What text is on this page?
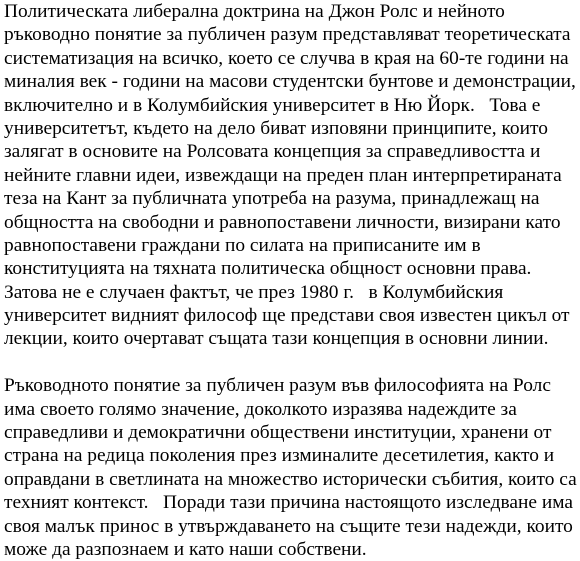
Политическата либерална доктрина на Джон Ролс и нейното
ръководно понятие за публичен разум представляват теоретическата
систематизация на всичко, което се случва в края на 60-те години на
миналия век - години на масови студентски бунтове и демонстрации,
включително и в Колумбийския университет в Ню Йорк.   Това е
университетът, където на дело биват изповяни принципите, които
залягат в основите на Ролсовата концепция за справедливостта и
нейните главни идеи, извеждащи на преден план интерпретираната
теза на Кант за публичната употреба на разума, принадлежащ на
общността на свободни и равнопоставени личности, визирани като
равнопоставени граждани по силата на приписаните им в
конституцията на тяхната политическа общност основни права.
Затова не е случаен фактът, че през 1980 г.   в Колумбийския
университет видният философ ще представи своя известен цикъл от
лекции, които очертават същата тази концепция в основни линии.

Ръководното понятие за публичен разум във философията на Ролс
има своето голямо значение, доколкото изразява надеждите за
справедливи и демократични обществени институции, хранени от
страна на редица поколения през изминалите десетилетия, както и
оправдани в светлината на множество исторически събития, които са
техният контекст.   Поради тази причина настоящото изследване има
своя малък принос в утвърждаването на същите тези надежди, които
може да разпознаем и като наши собствени.
